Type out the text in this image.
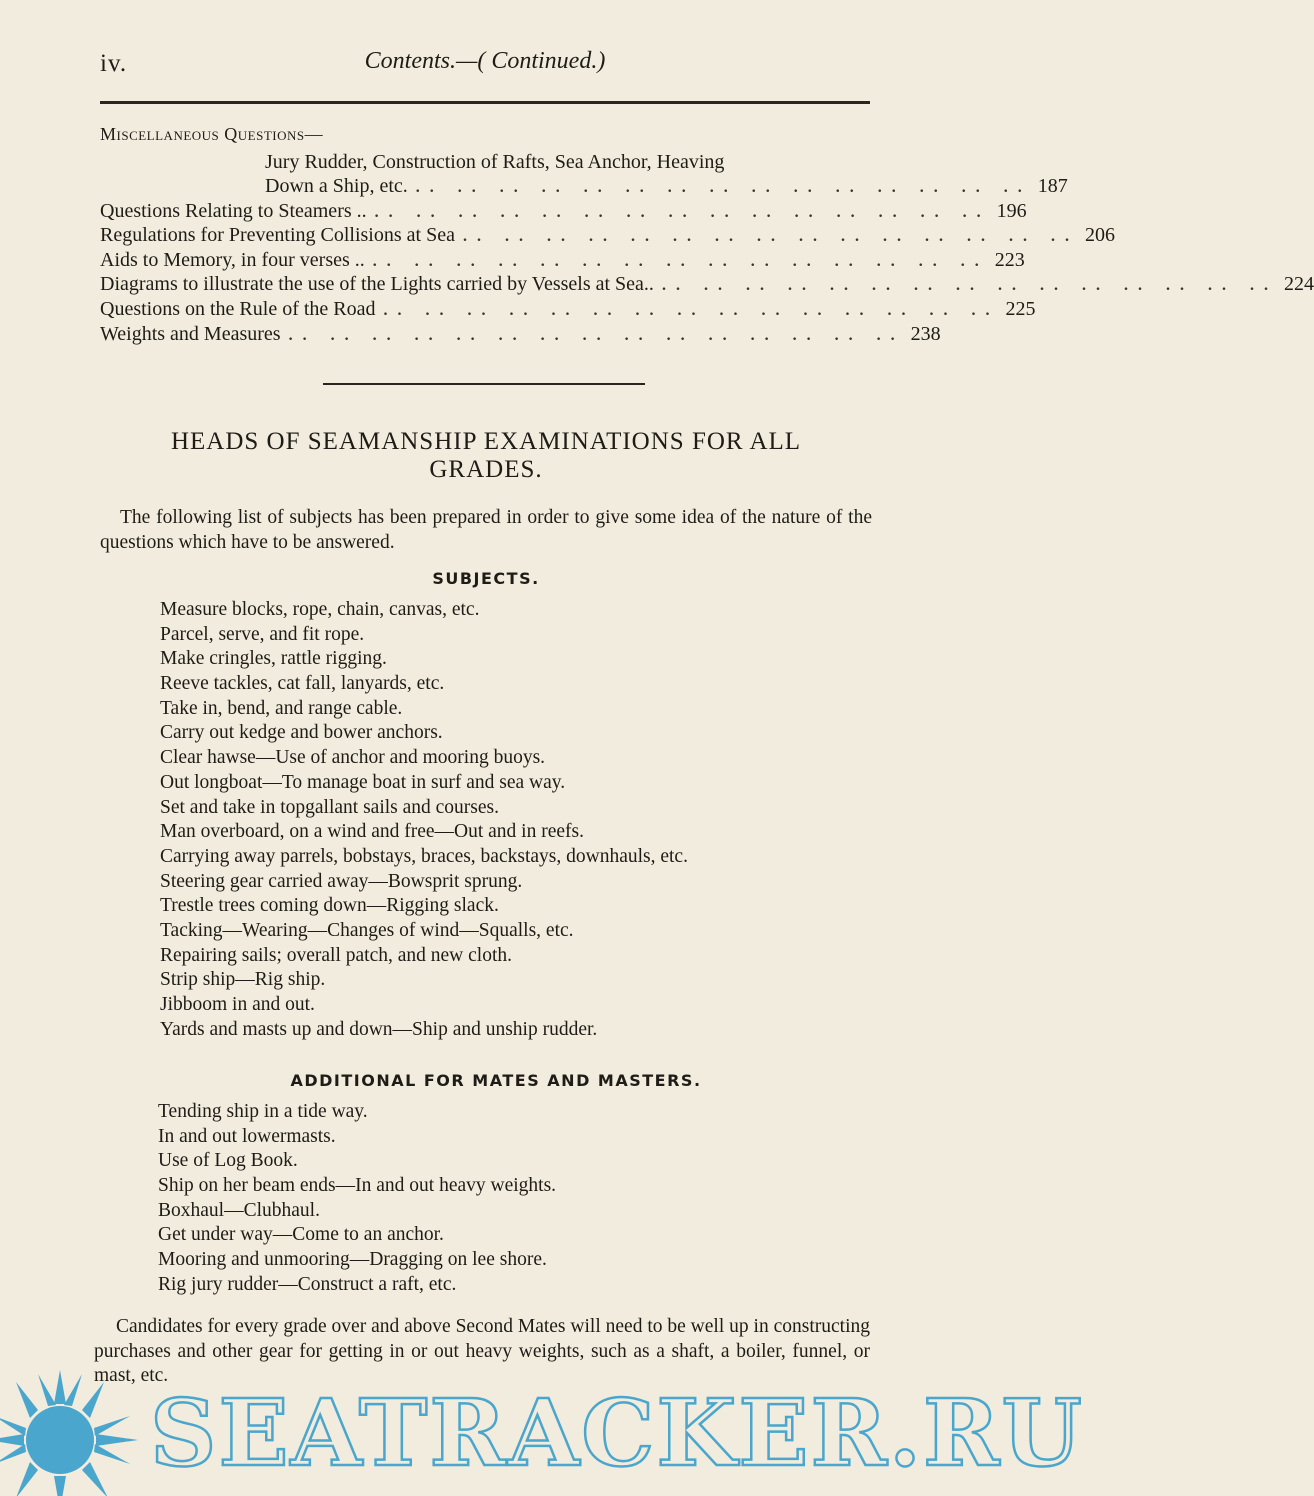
iv.	Contents.—( Continued.)
Miscellaneous Questions—
Jury Rudder, Construction of Rafts, Sea Anchor, Heaving
Down a Ship, etc. .. .. .. .. .. .. .. .. .. .. .. .. .. .. .. 187
Questions Relating to Steamers .. .. .. .. .. .. .. .. .. .. .. .. .. .. .. .. 196
Regulations for Preventing Collisions at Sea .. .. .. .. .. .. .. .. .. .. .. .. .. .. .. 206
Aids to Memory, in four verses .. .. .. .. .. .. .. .. .. .. .. .. .. .. .. .. 223
Diagrams to illustrate the use of the Lights carried by Vessels at Sea.. .. .. .. .. .. .. .. .. .. .. .. .. .. .. .. 224
Questions on the Rule of the Road .. .. .. .. .. .. .. .. .. .. .. .. .. .. .. 225
Weights and Measures .. .. .. .. .. .. .. .. .. .. .. .. .. .. .. 238
HEADS OF SEAMANSHIP EXAMINATIONS FOR ALL
GRADES.

The following list of subjects has been prepared in order to give some idea of the nature of the questions which have to be answered.

SUBJECTS.
Measure blocks, rope, chain, canvas, etc.
Parcel, serve, and fit rope.
Make cringles, rattle rigging.
Reeve tackles, cat fall, lanyards, etc.
Take in, bend, and range cable.
Carry out kedge and bower anchors.
Clear hawse—Use of anchor and mooring buoys.
Out longboat—To manage boat in surf and sea way.
Set and take in topgallant sails and courses.
Man overboard, on a wind and free—Out and in reefs.
Carrying away parrels, bobstays, braces, backstays, downhauls, etc.
Steering gear carried away—Bowsprit sprung.
Trestle trees coming down—Rigging slack.
Tacking—Wearing—Changes of wind—Squalls, etc.
Repairing sails; overall patch, and new cloth.
Strip ship—Rig ship.
Jibboom in and out.
Yards and masts up and down—Ship and unship rudder.
ADDITIONAL FOR MATES AND MASTERS.
Tending ship in a tide way.
In and out lowermasts.
Use of Log Book.
Ship on her beam ends—In and out heavy weights.
Boxhaul—Clubhaul.
Get under way—Come to an anchor.
Mooring and unmooring—Dragging on lee shore.
Rig jury rudder—Construct a raft, etc.

Candidates for every grade over and above Second Mates will need to be well up in constructing purchases and other gear for getting in or out heavy weights, such as a shaft, a boiler, funnel, or mast, etc.

SEATRACKER.RU
